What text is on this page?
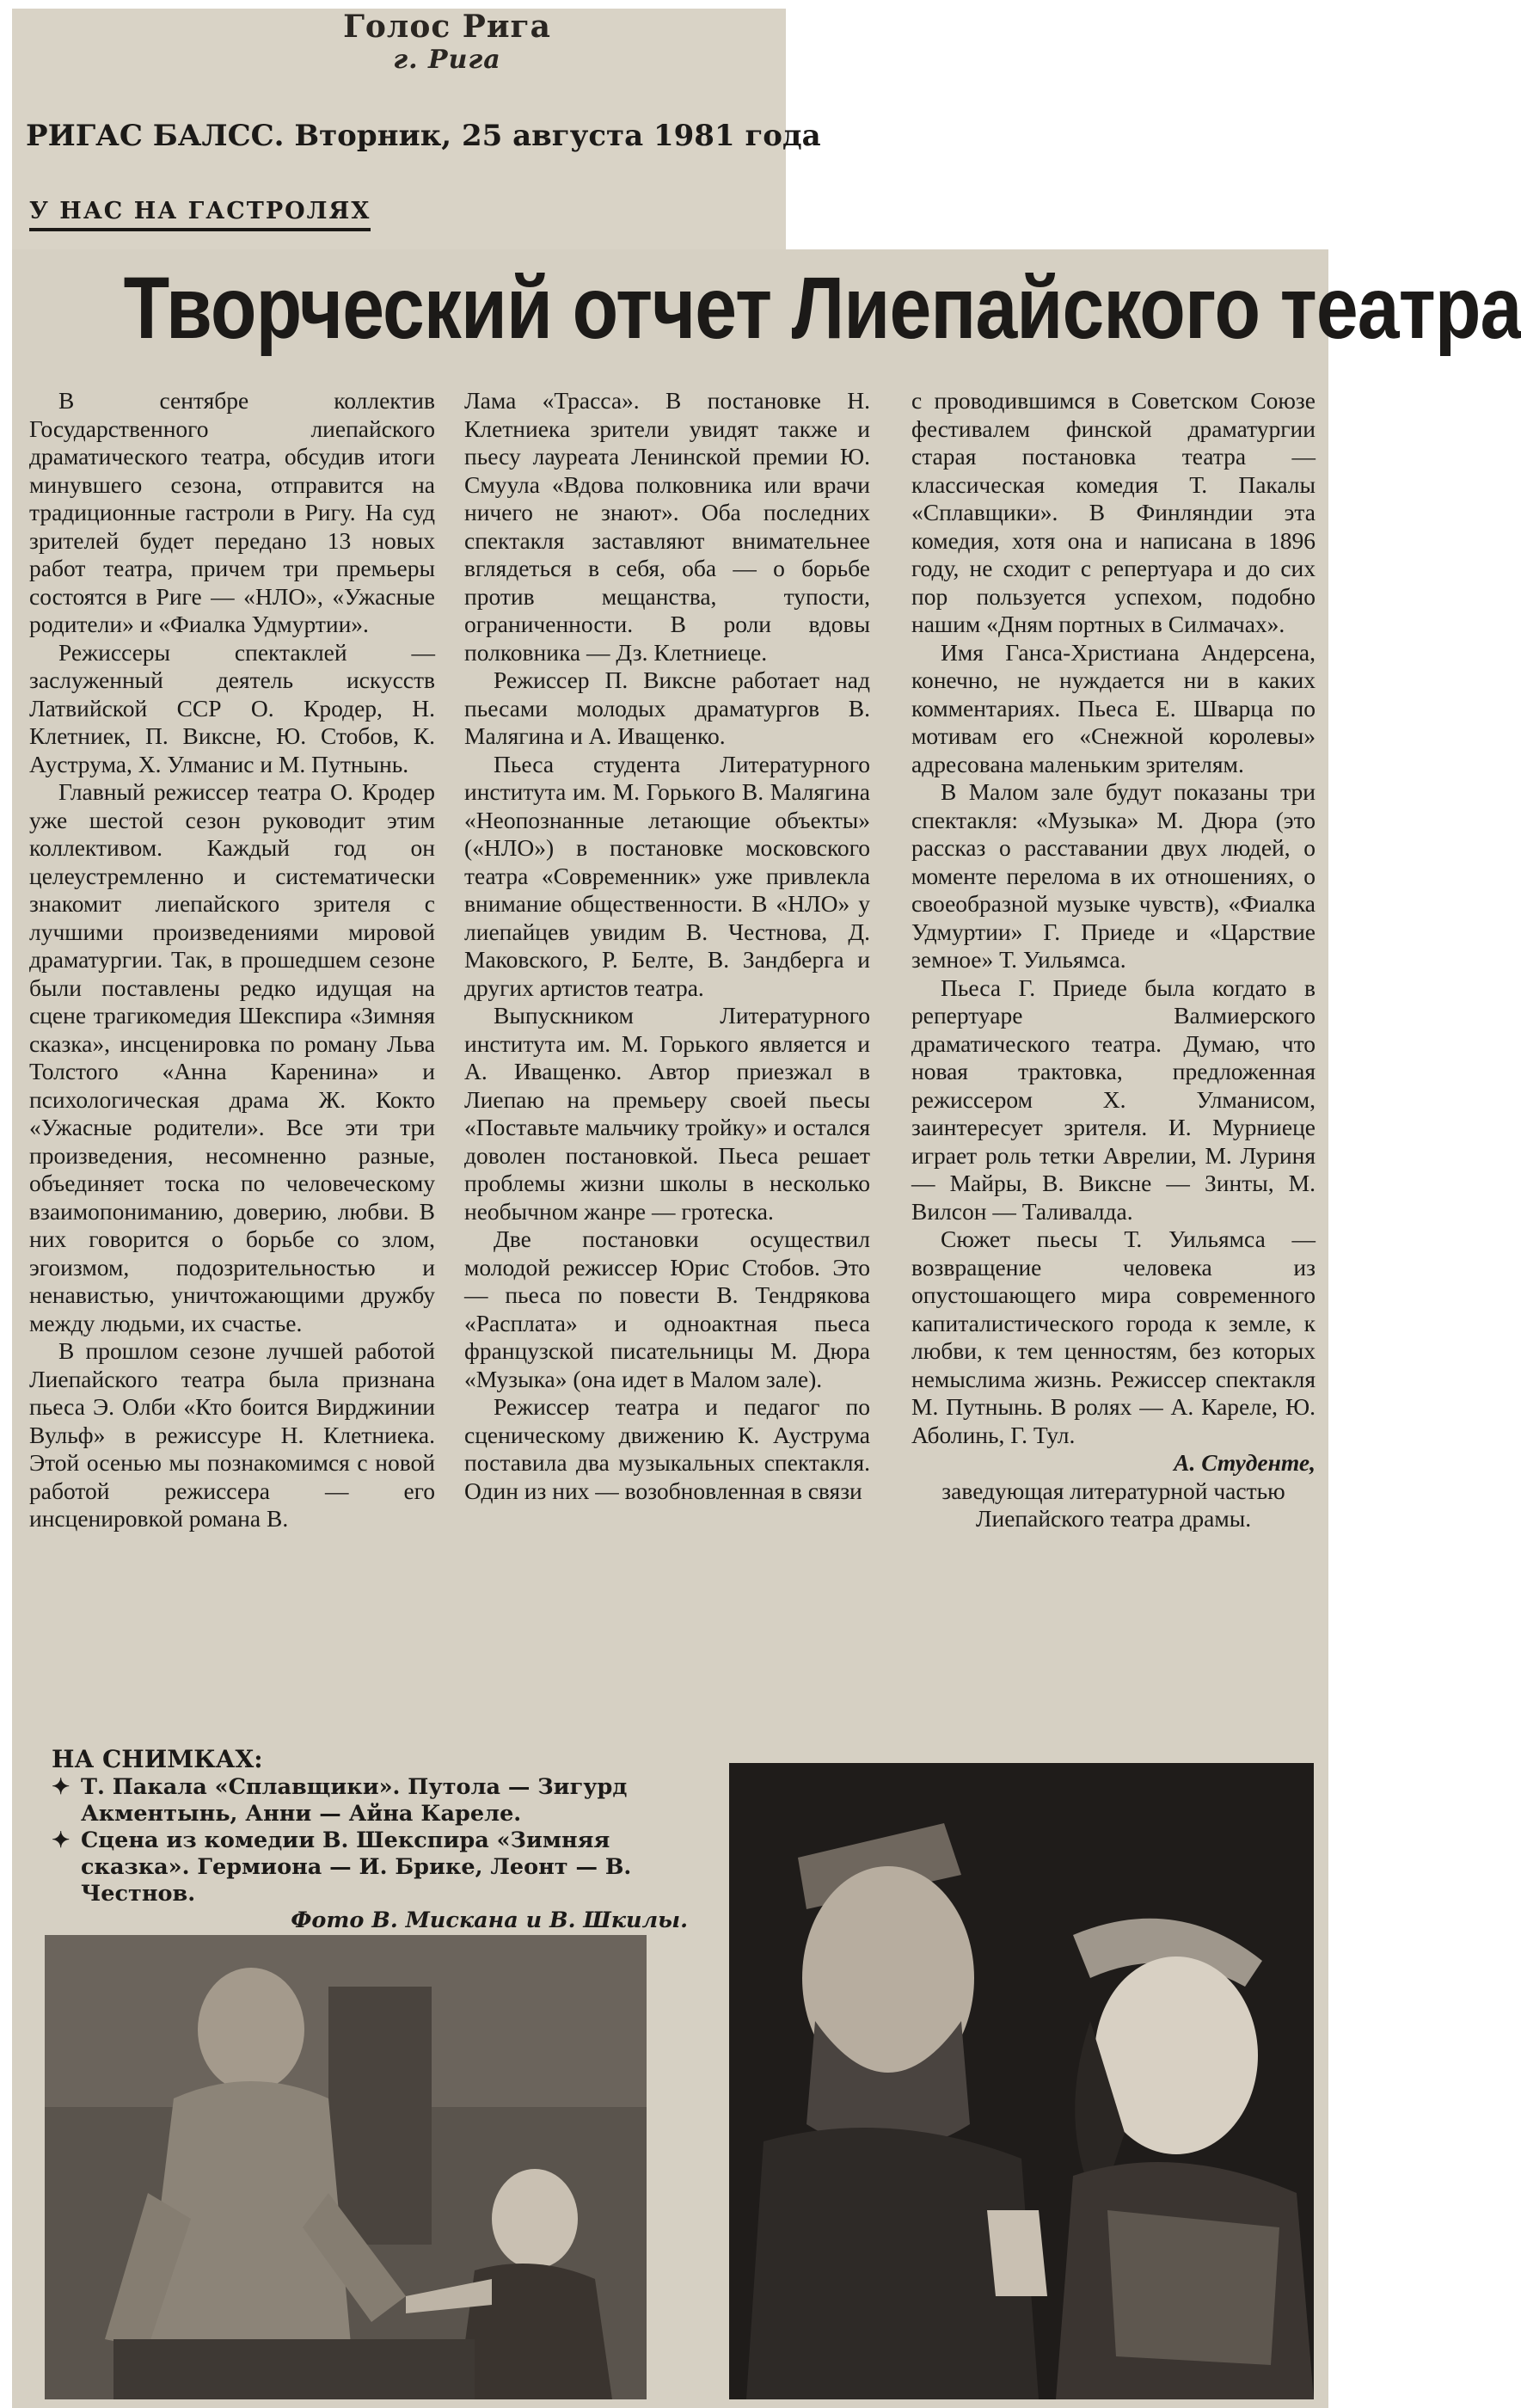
Голос Рига
г. Рига
РИГАС БАЛСС. Вторник, 25 августа 1981 года
У НАС НА ГАСТРОЛЯХ
Творческий отчет Лиепайского театра

В сентябре коллектив Государственного лиепайского драматического театра, обсудив итоги минувшего сезона, отправится на традиционные гастроли в Ригу. На суд зрителей будет передано 13 новых работ театра, причем три премьеры состоятся в Риге — «НЛО», «Ужасные родители» и «Фиалка Удмуртии».

Режиссеры спектаклей — заслуженный деятель искусств Латвийской ССР О. Кродер, Н. Клетниек, П. Викснe, Ю. Стобов, К. Ауструма, Х. Улманис и М. Путнынь.

Главный режиссер театра О. Кродер уже шестой сезон руководит этим коллективом. Каждый год он целеустремленно и систематически знакомит лиепайского зрителя с лучшими произведениями мировой драматургии. Так, в прошедшем сезоне были поставлены редко идущая на сцене трагикомедия Шекспира «Зимняя сказка», инсценировка по роману Льва Толстого «Анна Каренина» и психологическая драма Ж. Кокто «Ужасные родители». Все эти три произведения, несомненно разные, объединяет тоска по человеческому взаимопониманию, доверию, любви. В них говорится о борьбе со злом, эгоизмом, подозрительностью и ненавистью, уничтожающими дружбу между людьми, их счастье.

В прошлом сезоне лучшей работой Лиепайского театра была признана пьеса Э. Олби «Кто боится Вирджинии Вульф» в режиссуре Н. Клетниека. Этой осенью мы познакомимся с новой работой режиссера — его инсценировкой романа В.

Лама «Трасса». В постановке Н. Клетниека зрители увидят также и пьесу лауреата Ленинской премии Ю. Смуула «Вдова полковника или врачи ничего не знают». Оба последних спектакля заставляют внимательнее вглядеться в себя, оба — о борьбе против мещанства, тупости, ограниченности. В роли вдовы полковника — Дз. Клетниеце.

Режиссер П. Викснe работает над пьесами молодых драматургов В. Малягина и А. Иващенко.

Пьеса студента Литературного института им. М. Горького В. Малягина «Неопознанные летающие объекты» («НЛО») в постановке московского театра «Современник» уже привлекла внимание общественности. В «НЛО» у лиепайцев увидим В. Честнова, Д. Маковского, Р. Белте, В. Зандберга и других артистов театра.

Выпускником Литературного института им. М. Горького является и А. Иващенко. Автор приезжал в Лиепаю на премьеру своей пьесы «Поставьте мальчику тройку» и остался доволен постановкой. Пьеса решает проблемы жизни школы в несколько необычном жанре — гротеска.

Две постановки осуществил молодой режиссер Юрис Стобов. Это — пьеса по повести В. Тендрякова «Расплата» и одноактная пьеса французской писательницы М. Дюра «Музыка» (она идет в Малом зале).

Режиссер театра и педагог по сценическому движению К. Ауструма поставила два музыкальных спектакля. Один из них — возобновленная в связи

с проводившимся в Советском Союзе фестивалем финской драматургии старая постановка театра — классическая комедия Т. Пакалы «Сплавщики». В Финляндии эта комедия, хотя она и написана в 1896 году, не сходит с репертуара и до сих пор пользуется успехом, подобно нашим «Дням портных в Силмачах».

Имя Ганса-Христиана Андерсена, конечно, не нуждается ни в каких комментариях. Пьеса Е. Шварца по мотивам его «Снежной королевы» адресована маленьким зрителям.

В Малом зале будут показаны три спектакля: «Музыка» М. Дюра (это рассказ о расставании двух людей, о моменте перелома в их отношениях, о своеобразной музыке чувств), «Фиалка Удмуртии» Г. Приеде и «Царствие земное» Т. Уильямса.

Пьеса Г. Приеде была когдато в репертуаре Валмиерского драматического театра. Думаю, что новая трактовка, предложенная режиссером Х. Улманисом, заинтересует зрителя. И. Мурниеце играет роль тетки Аврелии, М. Луриня — Майры, В. Викснe — Зинты, М. Вилсон — Таливалда.

Сюжет пьесы Т. Уильямса — возвращение человека из опустошающего мира современного капиталистического города к земле, к любви, к тем ценностям, без которых немыслима жизнь. Режиссер спектакля М. Путнынь. В ролях — А. Кареле, Ю. Аболинь, Г. Тул.

А. Студенте,

заведующая литературной частью Лиепайского театра драмы.

НА СНИМКАХ:
✦ Т. Пакала «Сплавщики». Путола — Зигурд Акментынь, Анни — Айна Кареле.
✦ Сцена из комедии В. Шекспира «Зимняя сказка». Гермиона — И. Брике, Леонт — В. Честнов.
Фото В. Мискана и В. Шкилы.
